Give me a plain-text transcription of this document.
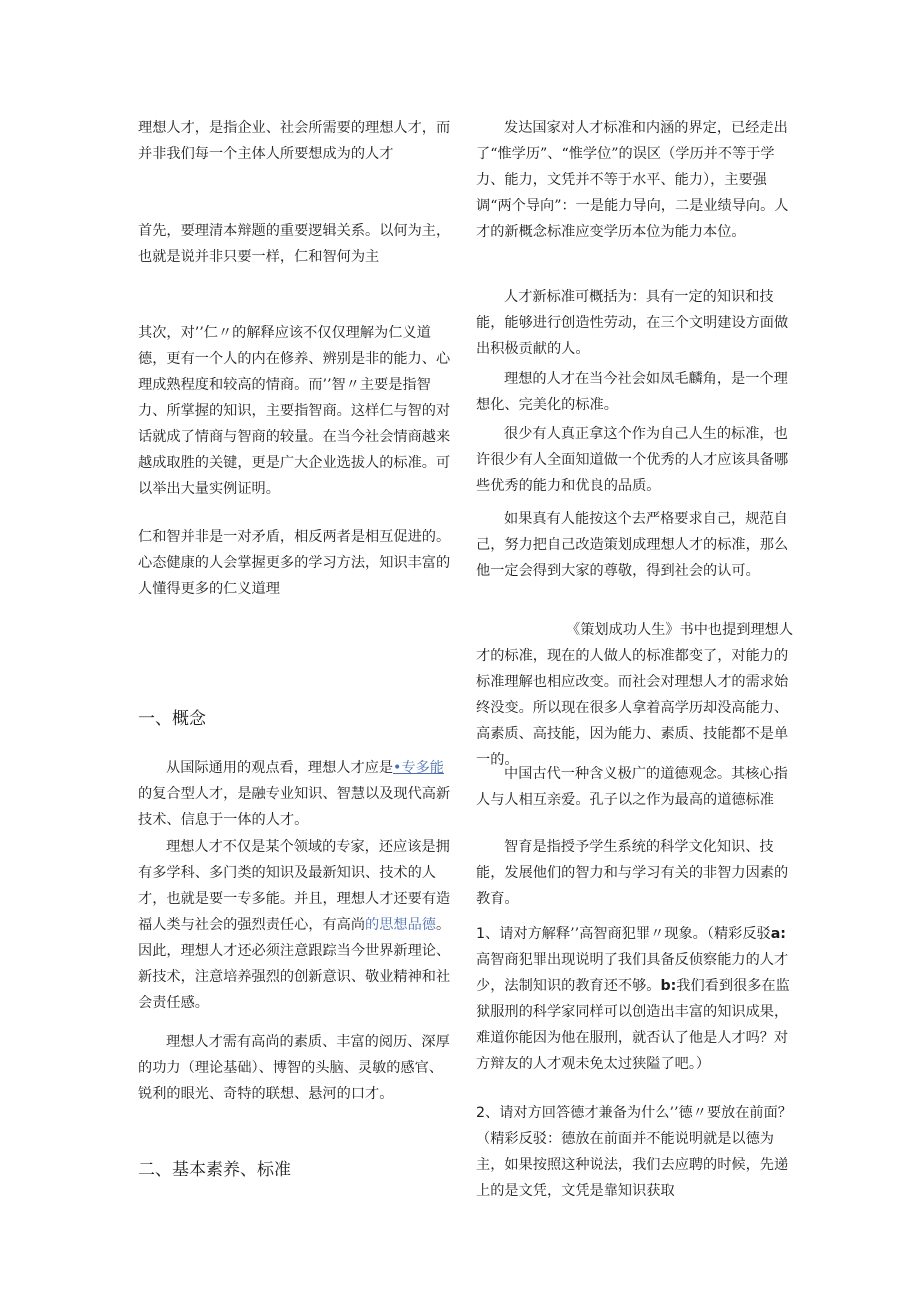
理想人才，是指企业、社会所需要的理想人才，而并非我们每一个主体人所要想成为的人才

首先，要理清本辩题的重要逻辑关系。以何为主，也就是说并非只要一样，仁和智何为主

其次，对’’仁〃的解释应该不仅仅理解为仁义道德，更有一个人的内在修养、辨别是非的能力、心理成熟程度和较高的情商。而’’智〃主要是指智力、所掌握的知识，主要指智商。这样仁与智的对话就成了情商与智商的较量。在当今社会情商越来越成取胜的关键，更是广大企业选拔人的标准。可以举出大量实例证明。

仁和智并非是一对矛盾，相反两者是相互促进的。心态健康的人会掌握更多的学习方法，知识丰富的人懂得更多的仁义道理

一、概念

从国际通用的观点看，理想人才应是•专多能的复合型人才，是融专业知识、智慧以及现代高新技术、信息于一体的人才。

理想人才不仅是某个领域的专家，还应该是拥有多学科、多门类的知识及最新知识、技术的人才，也就是要一专多能。并且，理想人才还要有造福人类与社会的强烈责任心，有高尚的思想品德。因此，理想人才还必须注意跟踪当今世界新理论、新技术，注意培养强烈的创新意识、敬业精神和社会责任感。

理想人才需有高尚的素质、丰富的阅历、深厚的功力（理论基础）、博智的头脑、灵敏的感官、锐利的眼光、奇特的联想、悬河的口才。

二、基本素养、标准

发达国家对人才标准和内涵的界定，已经走出了“惟学历”、“惟学位”的误区（学历并不等于学力、能力，文凭并不等于水平、能力），主要强调“两个导向”：一是能力导向，二是业绩导向。人才的新概念标准应变学历本位为能力本位。

人才新标准可概括为：具有一定的知识和技能，能够进行创造性劳动，在三个文明建设方面做出积极贡献的人。

理想的人才在当今社会如凤毛麟角，是一个理想化、完美化的标准。

很少有人真正拿这个作为自己人生的标准，也许很少有人全面知道做一个优秀的人才应该具备哪些优秀的能力和优良的品质。

如果真有人能按这个去严格要求自己，规范自己，努力把自己改造策划成理想人才的标准，那么他一定会得到大家的尊敬，得到社会的认可。

《策划成功人生》书中也提到理想人才的标准，现在的人做人的标准都变了，对能力的标准理解也相应改变。而社会对理想人才的需求始终没变。所以现在很多人拿着高学历却没高能力、高素质、高技能，因为能力、素质、技能都不是单一的。

中国古代一种含义极广的道德观念。其核心指人与人相互亲爱。孔子以之作为最高的道德标准

智育是指授予学生系统的科学文化知识、技能，发展他们的智力和与学习有关的非智力因素的教育。

1、请对方解释’’高智商犯罪〃现象。（精彩反驳a:高智商犯罪出现说明了我们具备反侦察能力的人才少，法制知识的教育还不够。b:我们看到很多在监狱服刑的科学家同样可以创造出丰富的知识成果，难道你能因为他在服刑，就否认了他是人才吗？对方辩友的人才观未免太过狭隘了吧。）

2、请对方回答德才兼备为什么’’德〃要放在前面？（精彩反驳：德放在前面并不能说明就是以德为主，如果按照这种说法，我们去应聘的时候，先递上的是文凭，文凭是靠知识获取
